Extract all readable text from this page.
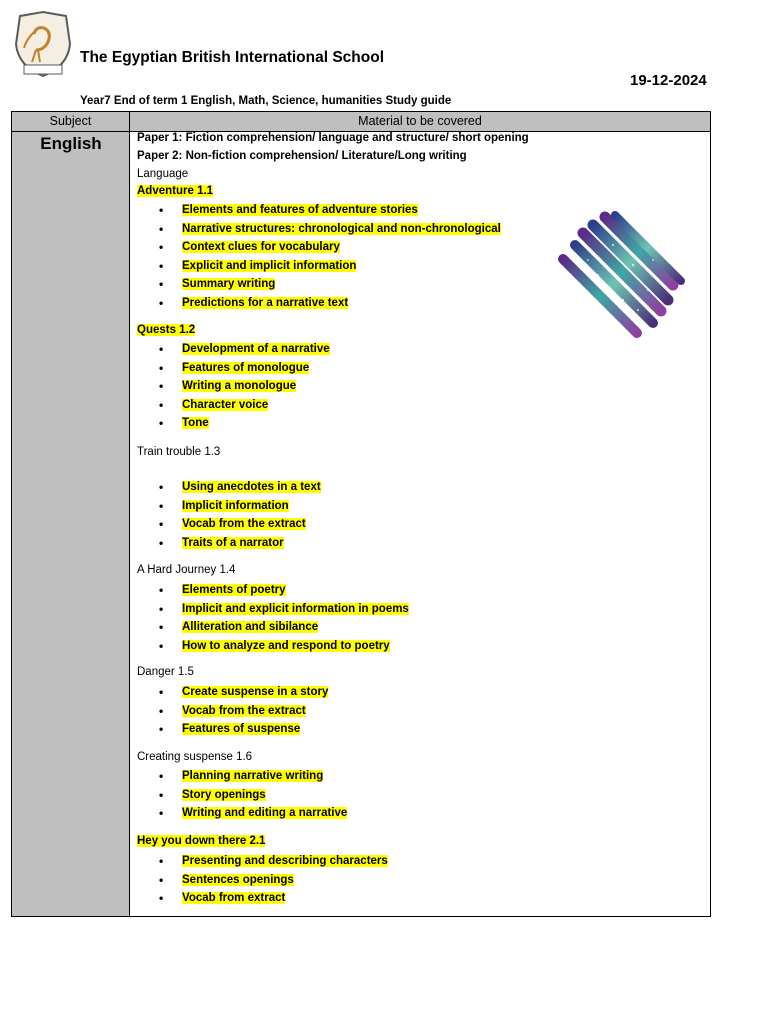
The Egyptian British International School
19-12-2024
Year7 End of term 1 English, Math, Science, humanities Study guide
Subject	Material to be covered
English	Paper 1: Fiction comprehension/ language and structure/ short opening
Paper 2: Non-fiction comprehension/ Literature/Long writing
Language
Adventure 1.1
• Elements and features of adventure stories
• Narrative structures: chronological and non-chronological
• Context clues for vocabulary
• Explicit and implicit information
• Summary writing
• Predictions for a narrative text
Quests 1.2
• Development of a narrative
• Features of monologue
• Writing a monologue
• Character voice
• Tone
Train trouble 1.3
• Using anecdotes in a text
• Implicit information
• Vocab from the extract
• Traits of a narrator
A Hard Journey 1.4
• Elements of poetry
• Implicit and explicit information in poems
• Alliteration and sibilance
• How to analyze and respond to poetry
Danger 1.5
• Create suspense in a story
• Vocab from the extract
• Features of suspense
Creating suspense 1.6
• Planning narrative writing
• Story openings
• Writing and editing a narrative
Hey you down there 2.1
• Presenting and describing characters
• Sentences openings
• Vocab from extract
